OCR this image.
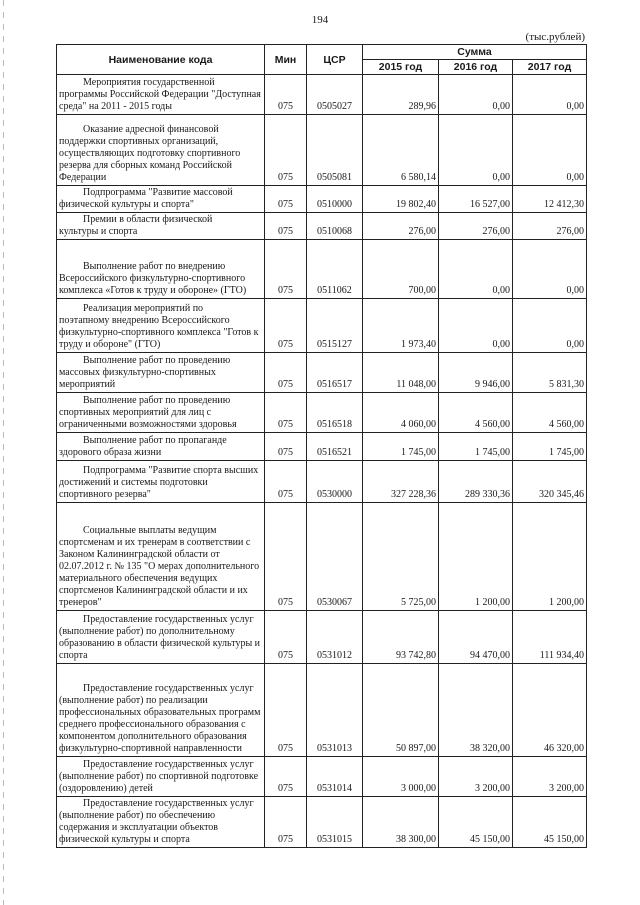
194
(тыс.рублей)
Наименование кода	Мин	ЦСР	Сумма		
			2015 год	2016 год	2017 год

Мероприятия государственной
программы Российской Федерации "Доступная среда" на 2011 - 2015 годы	075	0505027	289,96	0,00	0,00

Оказание адресной финансовой
поддержки спортивных организаций, осуществляющих подготовку спортивного резерва для сборных команд Российской Федерации	075	0505081	6 580,14	0,00	0,00

Подпрограмма "Развитие массовой
физической культуры и спорта"	075	0510000	19 802,40	16 527,00	12 412,30

Премии в области физической
культуры и спорта	075	0510068	276,00	276,00	276,00

Выполнение работ по внедрению
Всероссийского физкультурно-спортивного комплекса «Готов к труду и обороне» (ГТО)	075	0511062	700,00	0,00	0,00

Реализация мероприятий по
поэтапному внедрению Всероссийского физкультурно-спортивного комплекса "Готов к труду и обороне" (ГТО)	075	0515127	1 973,40	0,00	0,00

Выполнение работ по проведению
массовых физкультурно-спортивных мероприятий	075	0516517	11 048,00	9 946,00	5 831,30

Выполнение работ по проведению
спортивных мероприятий для лиц с ограниченными возможностями здоровья	075	0516518	4 060,00	4 560,00	4 560,00

Выполнение работ по пропаганде
здорового образа жизни	075	0516521	1 745,00	1 745,00	1 745,00

Подпрограмма "Развитие спорта высших
достижений и системы подготовки спортивного резерва"	075	0530000	327 228,36	289 330,36	320 345,46

Социальные выплаты ведущим
спортсменам и их тренерам в соответствии с Законом Калининградской области от 02.07.2012 г. № 135 "О мерах дополнительного материального обеспечения ведущих спортсменов Калининградской области и их тренеров"	075	0530067	5 725,00	1 200,00	1 200,00

Предоставление государственных услуг
(выполнение работ) по дополнительному образованию в области физической культуры и спорта	075	0531012	93 742,80	94 470,00	111 934,40

Предоставление государственных услуг
(выполнение работ) по реализации профессиональных образовательных программ среднего профессионального образования с компонентом дополнительного образования физкультурно-спортивной направленности	075	0531013	50 897,00	38 320,00	46 320,00

Предоставление государственных услуг
(выполнение работ) по спортивной подготовке (оздоровлению) детей	075	0531014	3 000,00	3 200,00	3 200,00

Предоставление государственных услуг
(выполнение работ) по обеспечению содержания и эксплуатации объектов физической культуры и спорта	075	0531015	38 300,00	45 150,00	45 150,00
